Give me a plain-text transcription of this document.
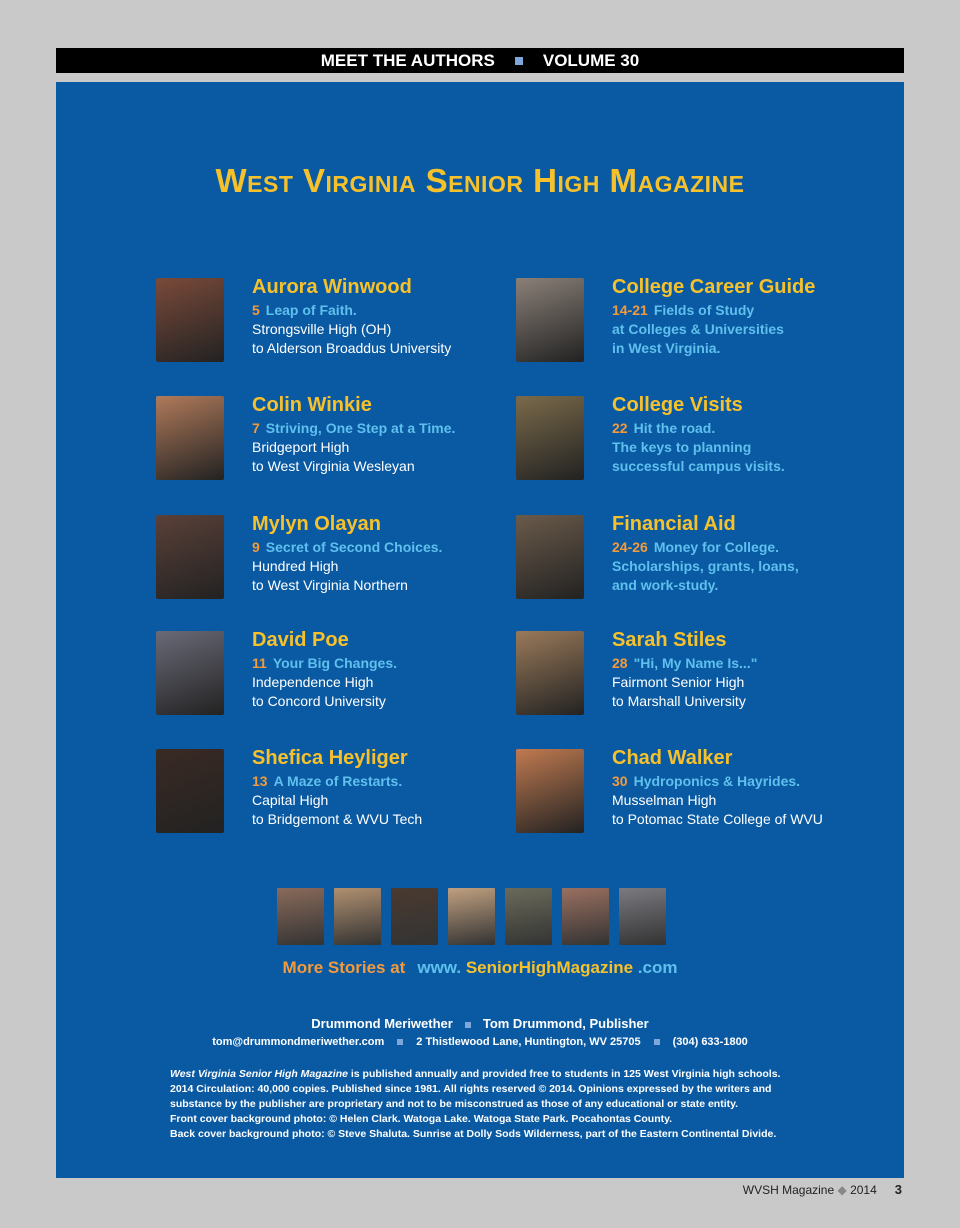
MEET THE AUTHORS	VOLUME 30
West Virginia Senior High Magazine
More Stories at www. SeniorHighMagazine .com
Drummond Meriwether Tom Drummond, Publisher
tom@drummondmeriwether.com	2 Thistlewood Lane, Huntington, WV 25705	(304) 633-1800
West Virginia Senior High Magazine is published annually and provided free to students in 125 West Virginia high schools.
2014 Circulation: 40,000 copies. Published since 1981. All rights reserved © 2014. Opinions expressed by the writers and
substance by the publisher are proprietary and not to be misconstrued as those of any educational or state entity.
Front cover background photo: © Helen Clark. Watoga Lake. Watoga State Park. Pocahontas County.
Back cover background photo: © Steve Shaluta. Sunrise at Dolly Sods Wilderness, part of the Eastern Continental Divide.
Aurora Winwood
5 Leap of Faith.
Strongsville High (OH)
to Alderson Broaddus University
Colin Winkie
7 Striving, One Step at a Time.
Bridgeport High
to West Virginia Wesleyan
Mylyn Olayan
9 Secret of Second Choices.
Hundred High
to West Virginia Northern
David Poe
11 Your Big Changes.
Independence High
to Concord University
Shefica Heyliger
13 A Maze of Restarts.
Capital High
to Bridgemont & WVU Tech
College Career Guide
14-21 Fields of Study
at Colleges & Universities
in West Virginia.
College Visits
22 Hit the road.
The keys to planning
successful campus visits.
Financial Aid
24-26 Money for College.
Scholarships, grants, loans,
and work-study.
Sarah Stiles
28 "Hi, My Name Is..."
Fairmont Senior High
to Marshall University
Chad Walker
30 Hydroponics & Hayrides.
Musselman High
to Potomac State College of WVU
WVSH Magazine ◆ 2014 3
